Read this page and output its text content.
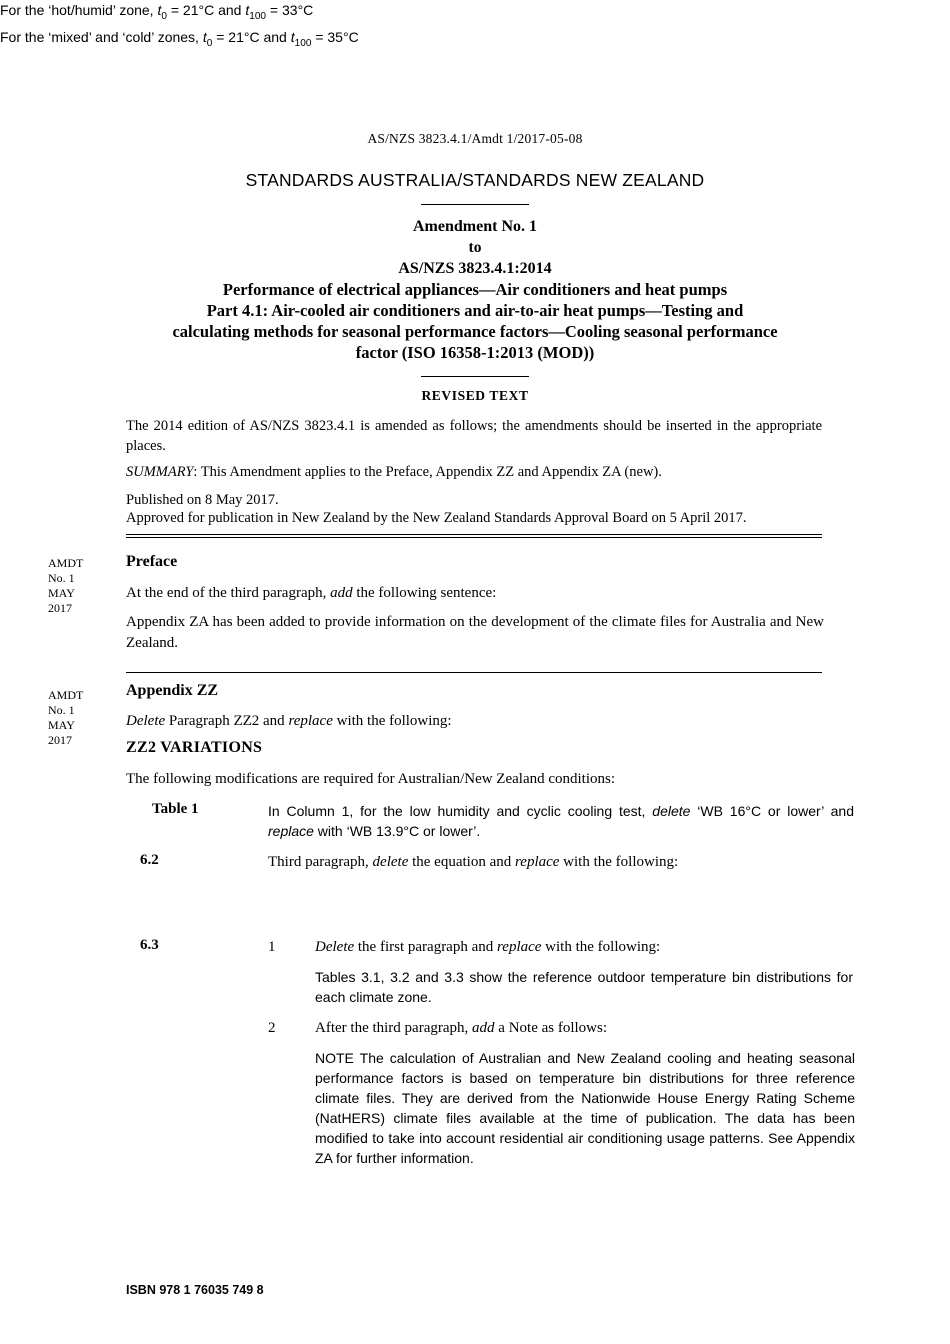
AS/NZS 3823.4.1/Amdt 1/2017-05-08
STANDARDS AUSTRALIA/STANDARDS NEW ZEALAND
Amendment No. 1
to
AS/NZS 3823.4.1:2014
Performance of electrical appliances—Air conditioners and heat pumps
Part 4.1: Air-cooled air conditioners and air-to-air heat pumps—Testing and
calculating methods for seasonal performance factors—Cooling seasonal performance
factor (ISO 16358-1:2013 (MOD))
REVISED TEXT
The 2014 edition of AS/NZS 3823.4.1 is amended as follows; the amendments should be inserted in the appropriate places.
SUMMARY: This Amendment applies to the Preface, Appendix ZZ and Appendix ZA (new).
Published on 8 May 2017.
Approved for publication in New Zealand by the New Zealand Standards Approval Board on 5 April 2017.
AMDT
No. 1
MAY
2017
Preface
At the end of the third paragraph, add the following sentence:
Appendix ZA has been added to provide information on the development of the climate files for Australia and New Zealand.
AMDT
No. 1
MAY
2017
Appendix ZZ
Delete Paragraph ZZ2 and replace with the following:
ZZ2 VARIATIONS
The following modifications are required for Australian/New Zealand conditions:
Table 1	In Column 1, for the low humidity and cyclic cooling test, delete ‘WB 16°C or lower’ and replace with ‘WB 13.9°C or lower’.
6.2	Third paragraph, delete the equation and replace with the following:
For the ‘hot/humid’ zone, $t_0 = 21^\circ C$ and $t_{100} = 33^\circ C$
For the ‘mixed’ and ‘cold’ zones, $t_0 = 21^\circ C$ and $t_{100} = 35^\circ C$
6.3	1	Delete the first paragraph and replace with the following:
Tables 3.1, 3.2 and 3.3 show the reference outdoor temperature bin distributions for each climate zone.
2	After the third paragraph, add a Note as follows:
NOTE The calculation of Australian and New Zealand cooling and heating seasonal performance factors is based on temperature bin distributions for three reference climate files. They are derived from the Nationwide House Energy Rating Scheme (NatHERS) climate files available at the time of publication. The data has been modified to take into account residential air conditioning usage patterns. See Appendix ZA for further information.
ISBN 978 1 76035 749 8
